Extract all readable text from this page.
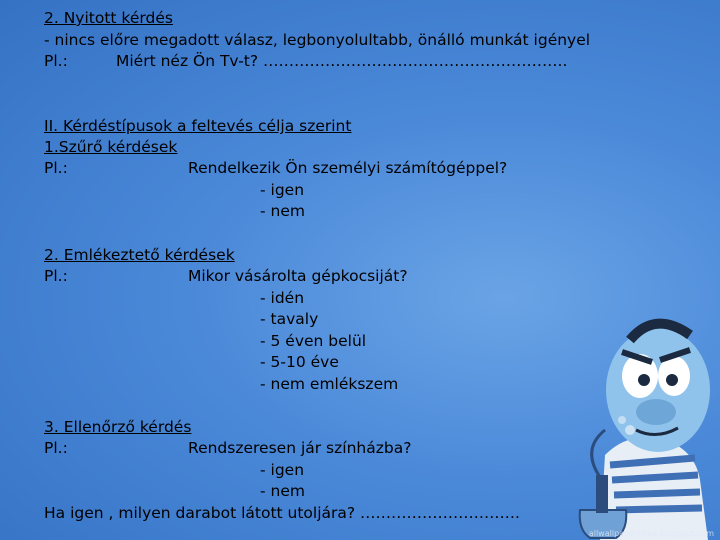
2. Nyitott kérdés
- nincs előre megadott válasz, legbonyolultabb, önálló munkát igényel
Pl.:	Miért néz Ön Tv-t? …………………………………………………..
II. Kérdéstípusok a feltevés célja szerint
1.Szűrő kérdések
Pl.:	Rendelkezik Ön személyi számítógéppel?
- igen
- nem
2. Emlékeztető kérdések
Pl.:	Mikor vásárolta gépkocsiját?
- idén
- tavaly
- 5 éven belül
- 5-10 éve
- nem emlékszem
3. Ellenőrző kérdés
Pl.:	Rendszeresen jár színházba?
- igen
- nem
Ha igen , milyen darabot látott utoljára? ………………………….
allwallpapersfree.blogspot.com
